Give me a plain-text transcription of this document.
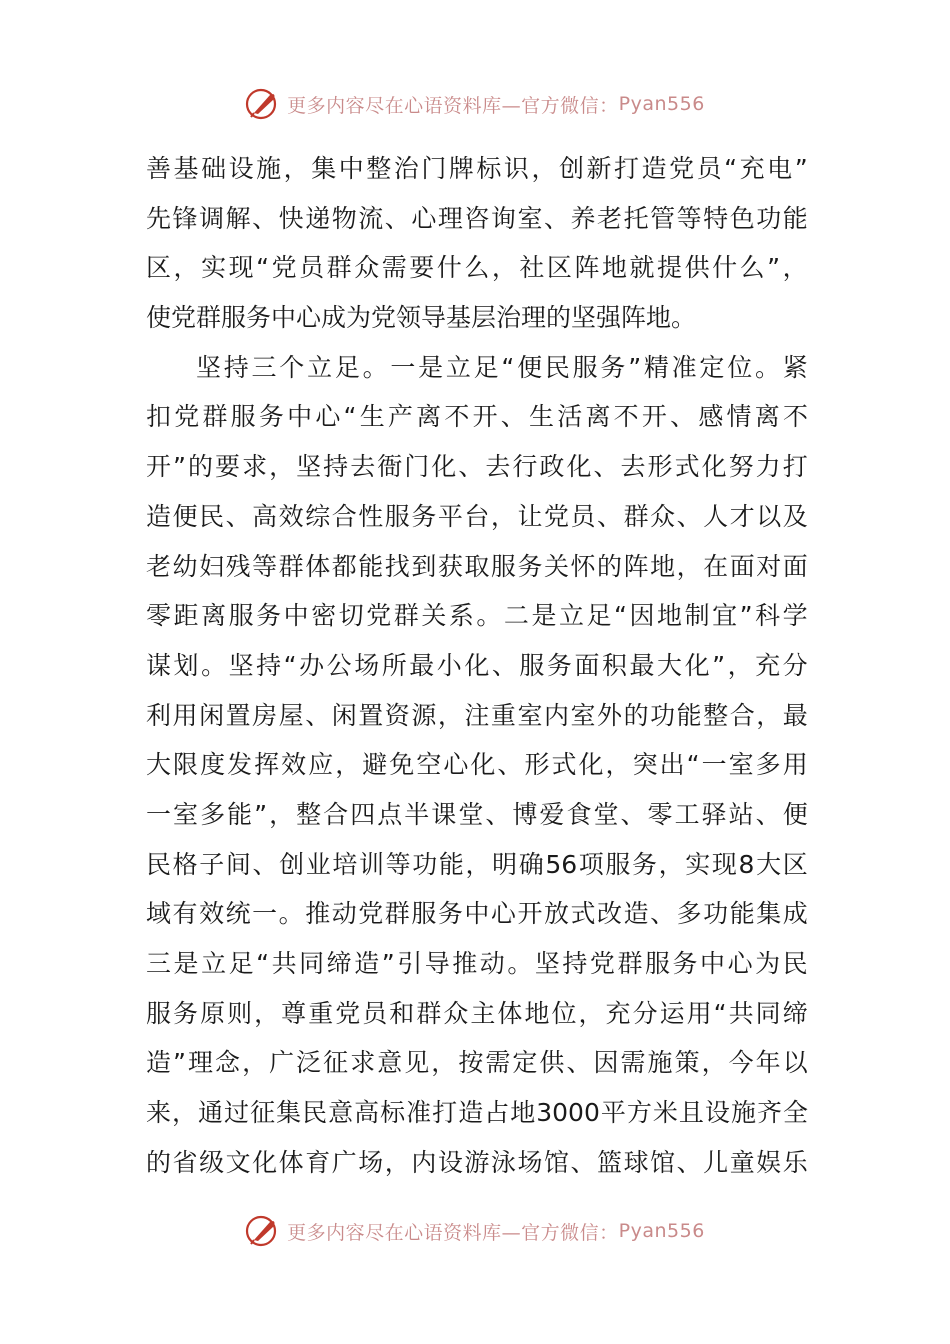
更多内容尽在心语资料库—官方微信： Pyan556
善 基 础 设 施 ， 集 中 整 治 门 牌 标 识 ， 创 新 打 造 党 员 “ 充 电 ”
先 锋 调 解 、 快 递 物 流 、 心 理 咨 询 室 、 养 老 托 管 等 特 色 功 能
区 ， 实 现 “ 党 员 群 众 需 要 什 么 ， 社 区 阵 地 就 提 供 什 么 ” ，
使党群服务中心成为党领导基层治理的坚强阵地。
坚 持 三 个 立 足 。 一 是 立 足 “ 便 民 服 务 ” 精 准 定 位 。 紧
扣 党 群 服 务 中 心 “ 生 产 离 不 开 、 生 活 离 不 开 、 感 情 离 不
开 ” 的 要 求 ， 坚 持 去 衙 门 化 、 去 行 政 化 、 去 形 式 化 努 力 打
造 便 民 、 高 效 综 合 性 服 务 平 台 ， 让 党 员 、 群 众 、 人 才 以 及
老 幼 妇 残 等 群 体 都 能 找 到 获 取 服 务 关 怀 的 阵 地 ， 在 面 对 面
零 距 离 服 务 中 密 切 党 群 关 系 。 二 是 立 足 “ 因 地 制 宜 ” 科 学
谋 划 。 坚 持 “ 办 公 场 所 最 小 化 、 服 务 面 积 最 大 化 ” ， 充 分
利 用 闲 置 房 屋 、 闲 置 资 源 ， 注 重 室 内 室 外 的 功 能 整 合 ， 最
大 限 度 发 挥 效 应 ， 避 免 空 心 化 、 形 式 化 ， 突 出 “ 一 室 多 用
一 室 多 能 ” ， 整 合 四 点 半 课 堂 、 博 爱 食 堂 、 零 工 驿 站 、 便
民 格 子 间 、 创 业 培 训 等 功 能 ， 明 确 56 项 服 务 ， 实 现 8 大 区
域 有 效 统 一 。 推 动 党 群 服 务 中 心 开 放 式 改 造 、 多 功 能 集 成
三 是 立 足 “ 共 同 缔 造 ” 引 导 推 动 。 坚 持 党 群 服 务 中 心 为 民
服 务 原 则 ， 尊 重 党 员 和 群 众 主 体 地 位 ， 充 分 运 用 “ 共 同 缔
造 ” 理 念 ， 广 泛 征 求 意 见 ， 按 需 定 供 、 因 需 施 策 ， 今 年 以
来 ， 通 过 征 集 民 意 高 标 准 打 造 占 地 3000 平 方 米 且 设 施 齐 全
的 省 级 文 化 体 育 广 场 ， 内 设 游 泳 场 馆 、 篮 球 馆 、 儿 童 娱 乐
更多内容尽在心语资料库—官方微信： Pyan556
